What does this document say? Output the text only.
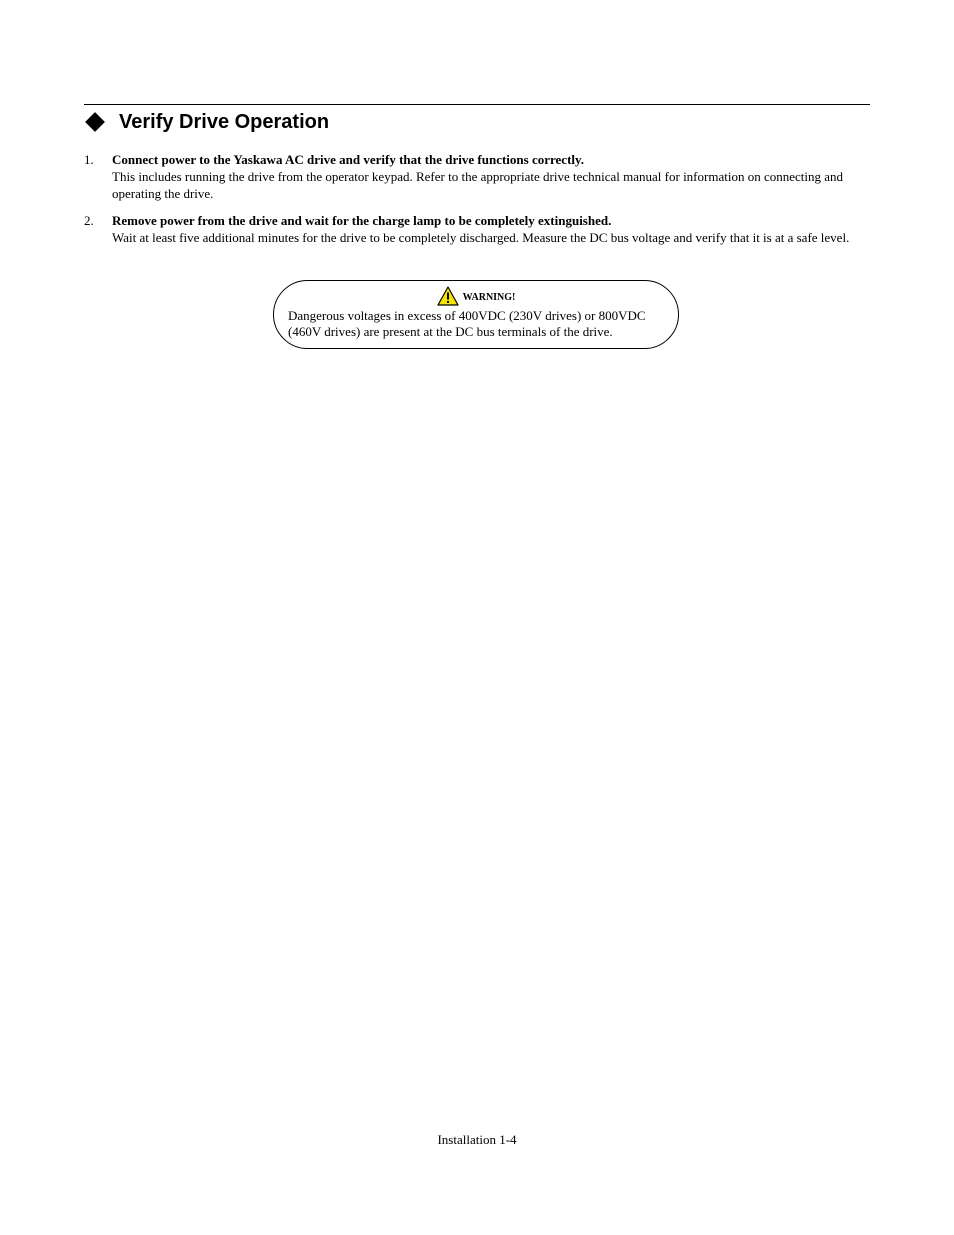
Verify Drive Operation
1. Connect power to the Yaskawa AC drive and verify that the drive functions correctly.
This includes running the drive from the operator keypad. Refer to the appropriate drive technical manual for information on connecting and operating the drive.
2. Remove power from the drive and wait for the charge lamp to be completely extinguished.
Wait at least five additional minutes for the drive to be completely discharged. Measure the DC bus voltage and verify that it is at a safe level.
WARNING!
Dangerous voltages in excess of 400VDC (230V drives) or 800VDC (460V drives) are present at the DC bus terminals of the drive.
Installation 1-4
